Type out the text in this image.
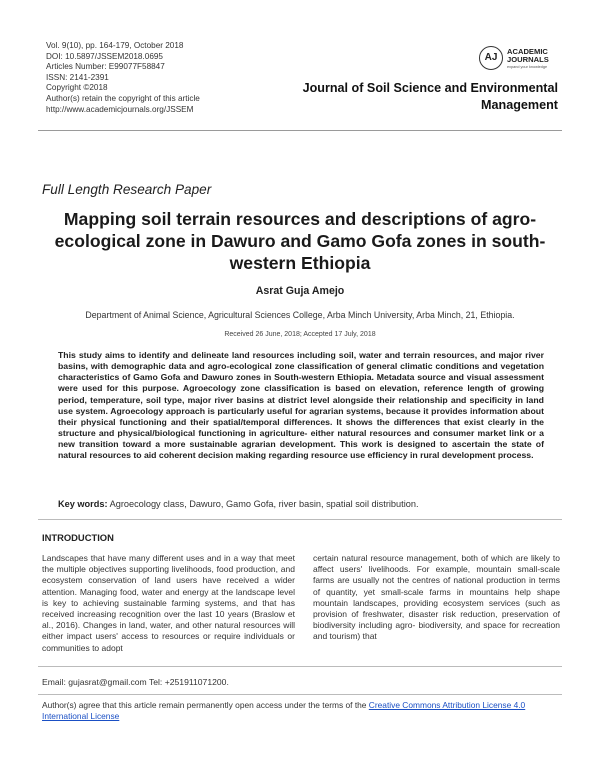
Vol. 9(10), pp. 164-179, October 2018
DOI: 10.5897/JSSEM2018.0695
Articles Number: E99077F58847
ISSN: 2141-2391
Copyright ©2018
Author(s) retain the copyright of this article
http://www.academicjournals.org/JSSEM
AJ
ACADEMIC
JOURNALS
expand your knowledge
Journal of Soil Science and Environmental
Management
Full Length Research Paper
Mapping soil terrain resources and descriptions of agro-ecological zone in Dawuro and Gamo Gofa zones in south-western Ethiopia
Asrat Guja Amejo
Department of Animal Science, Agricultural Sciences College, Arba Minch University, Arba Minch, 21, Ethiopia.
Received 26 June, 2018; Accepted 17 July, 2018
This study aims to identify and delineate land resources including soil, water and terrain resources, and major river basins, with demographic data and agro-ecological zone classification of general climatic conditions and vegetation characteristics of Gamo Gofa and Dawuro zones in South-western Ethiopia. Metadata source and visual assessment were used for this purpose. Agroecology zone classification is based on elevation, reference length of growing period, temperature, soil type, major river basins at district level alongside their relationship and specificity in land use system. Agroecology approach is particularly useful for agrarian systems, because it provides information about their physical functioning and their spatial/temporal differences. It shows the differences that exist clearly in the structure and physical/biological functioning in agriculture- either natural resources and consumer market link or a new transition toward a more sustainable agrarian development. This work is designed to ascertain the state of natural resources to aid coherent decision making regarding resource use efficiency in rural development process.
Key words: Agroecology class, Dawuro, Gamo Gofa, river basin, spatial soil distribution.
INTRODUCTION
Landscapes that have many different uses and in a way that meet the multiple objectives supporting livelihoods, food production, and ecosystem conservation of land users have received a wider attention. Managing food, water and energy at the landscape level is key to achieving sustainable farming systems, and that has received increasing recognition over the last 10 years (Braslow et al., 2016). Changes in land, water, and other natural resources will either impact users' access to resources or require individuals or communities to adopt
certain natural resource management, both of which are likely to affect users' livelihoods. For example, mountain small-scale farms are usually not the centres of national production in terms of quantity, yet small-scale farms in mountains help shape mountain landscapes, providing ecosystem services (such as provision of freshwater, disaster risk reduction, preservation of biodiversity including agro- biodiversity, and space for recreation and tourism) that
Email: gujasrat@gmail.com Tel: +251911071200.
Author(s) agree that this article remain permanently open access under the terms of the Creative Commons Attribution License 4.0 International License
